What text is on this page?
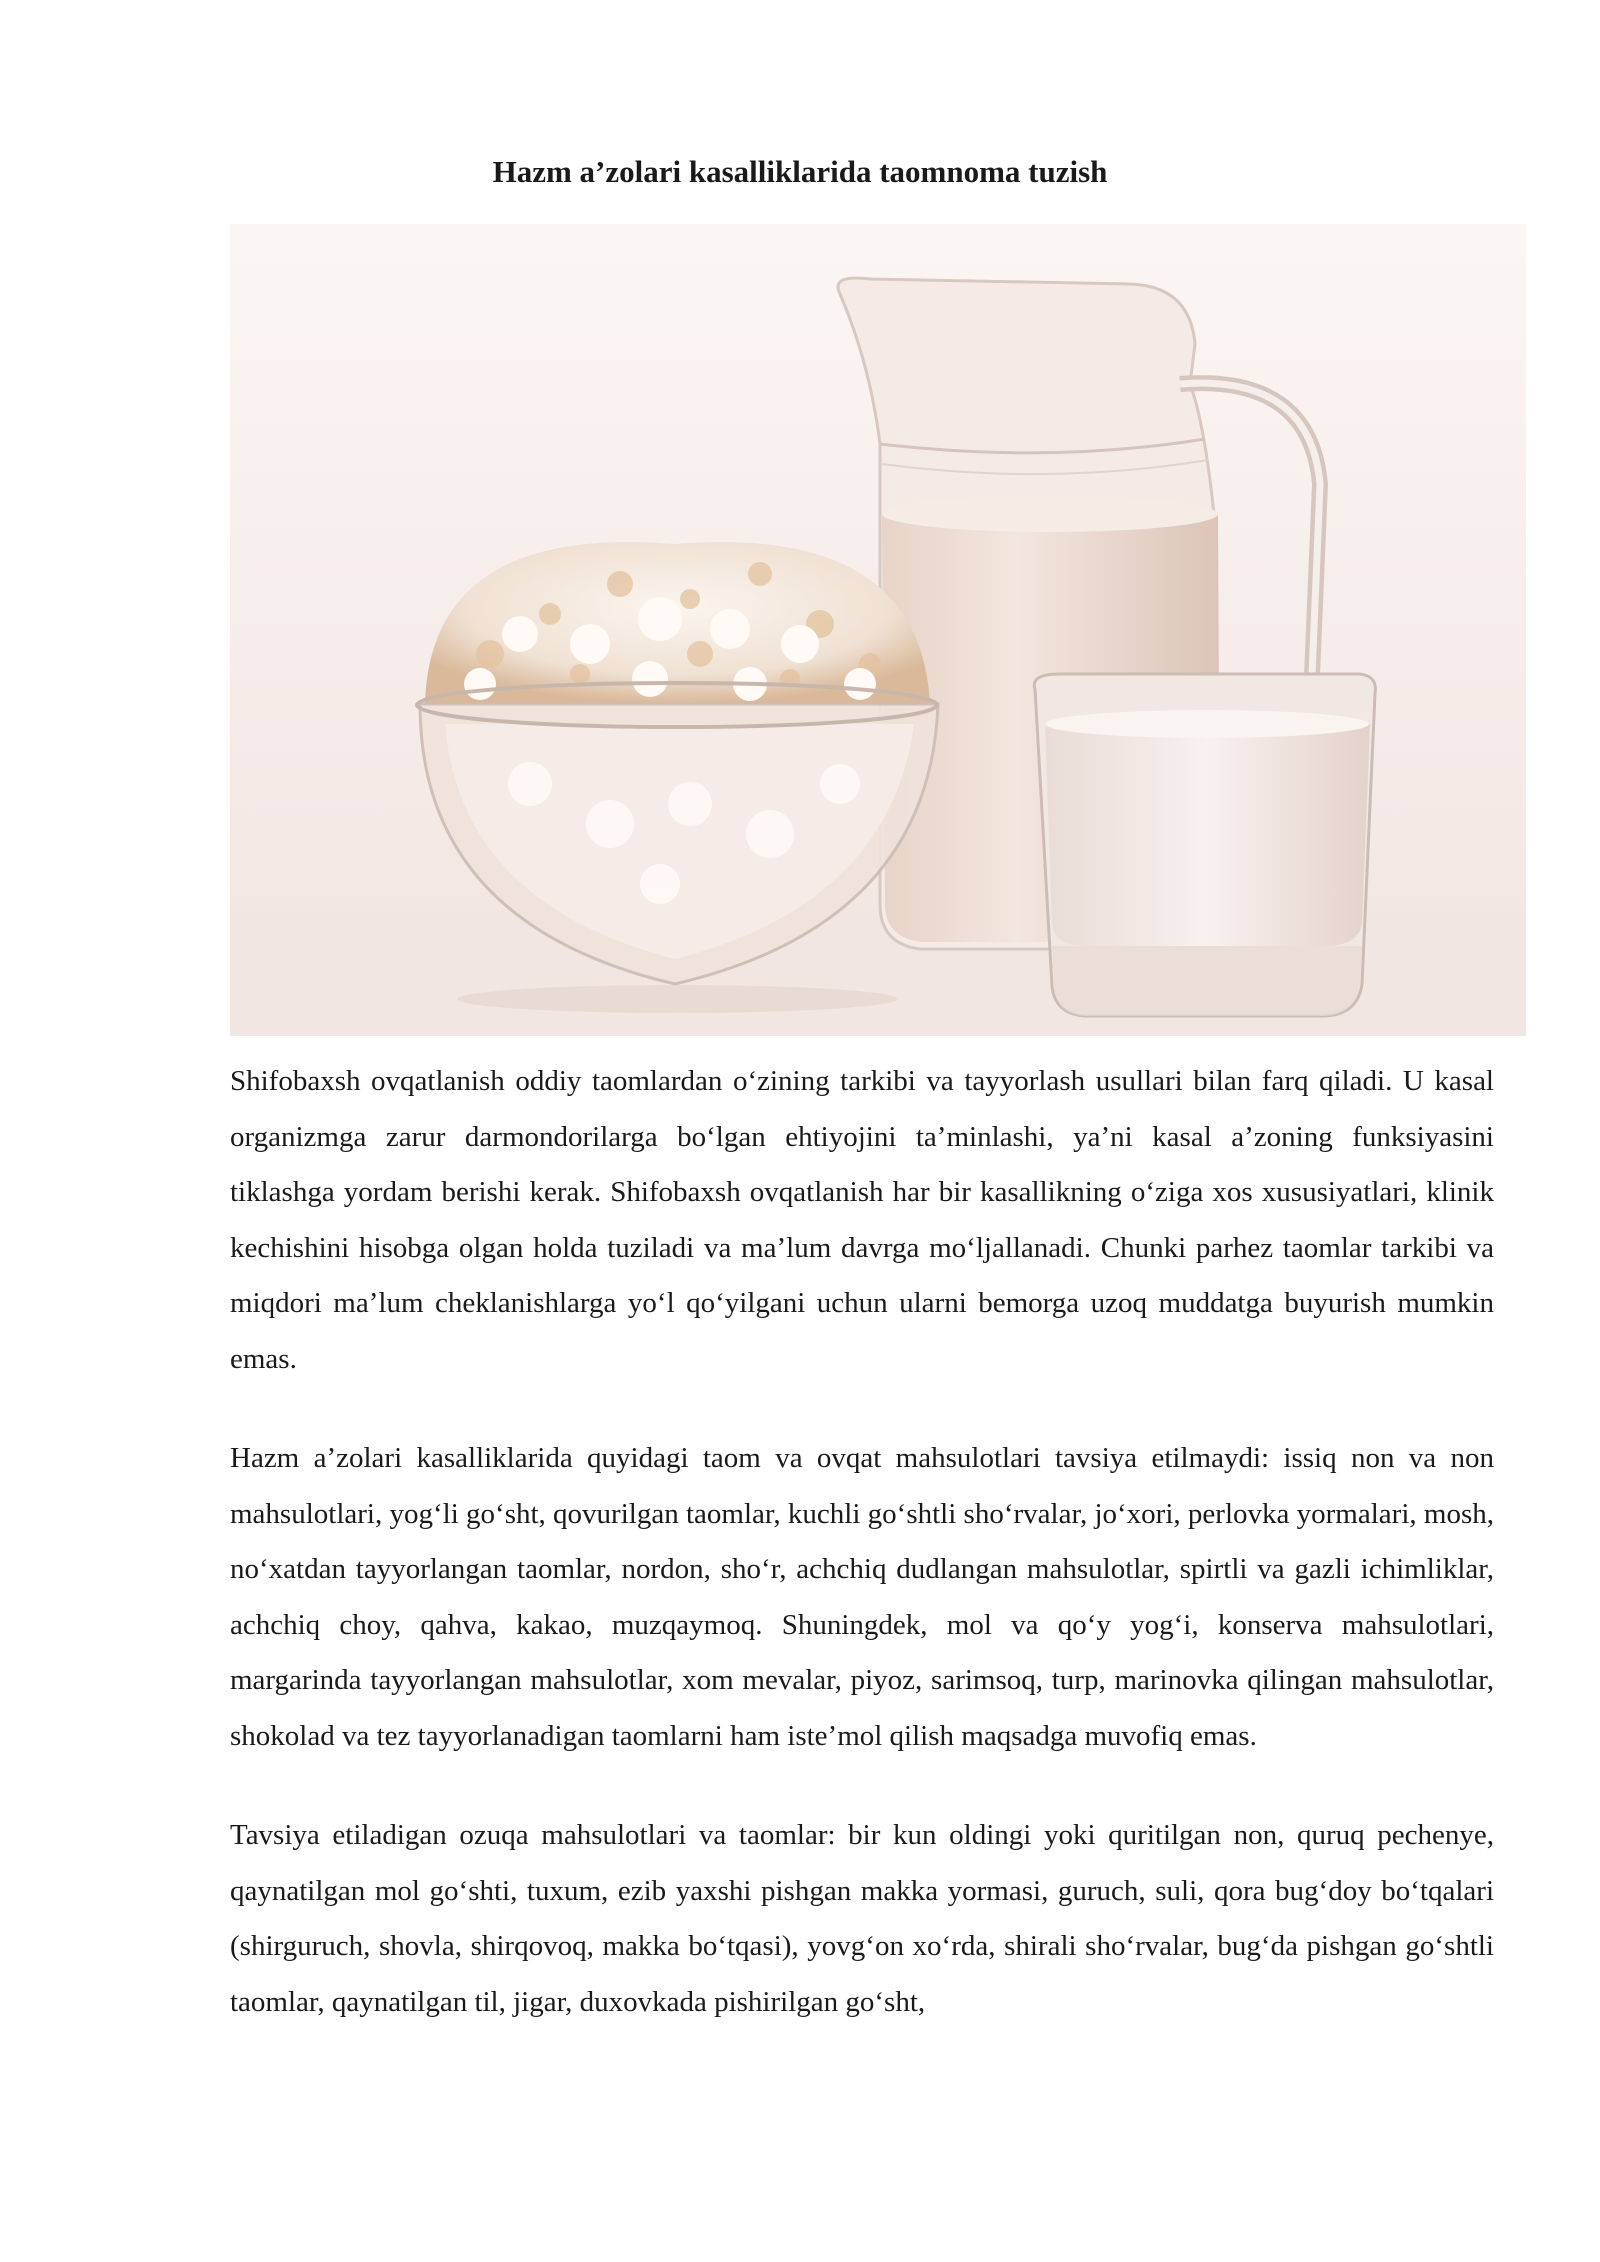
Hazm a’zolari kasalliklarida taomnoma tuzish

Shifobaxsh ovqatlanish oddiy taomlardan o‘zining tarkibi va tayyorlash usullari bilan farq qiladi. U kasal organizmga zarur darmondorilarga bo‘lgan ehtiyojini ta’minlashi, ya’ni kasal a’zoning funksiyasini tiklashga yordam berishi kerak. Shifobaxsh ovqatlanish har bir kasallikning o‘ziga xos xususiyatlari, klinik kechishini hisobga olgan holda tuziladi va ma’lum davrga mo‘ljallanadi. Chunki parhez taomlar tarkibi va miqdori ma’lum cheklanishlarga yo‘l qo‘yilgani uchun ularni bemorga uzoq muddatga buyurish mumkin emas.

Hazm a’zolari kasalliklarida quyidagi taom va ovqat mahsulotlari tavsiya etilmaydi: issiq non va non mahsulotlari, yog‘li go‘sht, qovurilgan taomlar, kuchli go‘shtli sho‘rvalar, jo‘xori, perlovka yormalari, mosh, no‘xatdan tayyorlangan taomlar, nordon, sho‘r, achchiq dudlangan mahsulotlar, spirtli va gazli ichimliklar, achchiq choy, qahva, kakao, muzqaymoq. Shuningdek, mol va qo‘y yog‘i, konserva mahsulotlari, margarinda tayyorlangan mahsulotlar, xom mevalar, piyoz, sarimsoq, turp, marinovka qilingan mahsulotlar, shokolad va tez tayyorlanadigan taomlarni ham iste’mol qilish maqsadga muvofiq emas.

Tavsiya etiladigan ozuqa mahsulotlari va taomlar: bir kun oldingi yoki quritilgan non, quruq pechenye, qaynatilgan mol go‘shti, tuxum, ezib yaxshi pishgan makka yormasi, guruch, suli, qora bug‘doy bo‘tqalari (shirguruch, shovla, shirqovoq, makka bo‘tqasi), yovg‘on xo‘rda, shirali sho‘rvalar, bug‘da pishgan go‘shtli taomlar, qaynatilgan til, jigar, duxovkada pishirilgan go‘sht,
